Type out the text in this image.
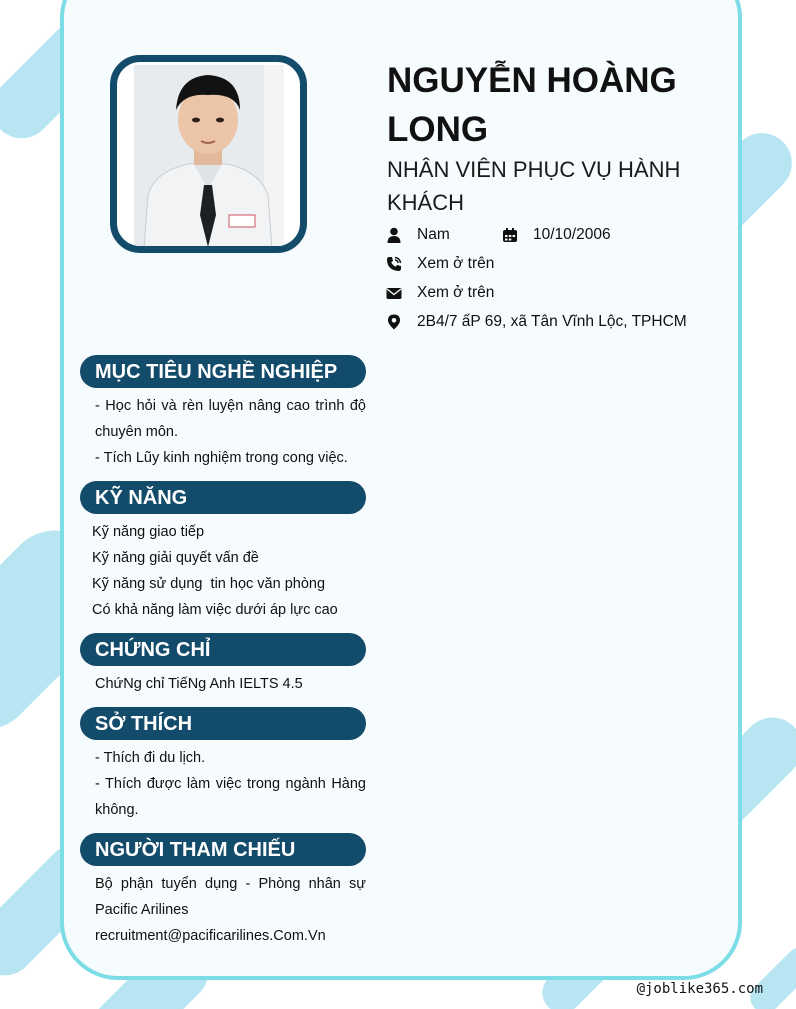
NGUYỄN HOÀNG LONG
NHÂN VIÊN PHỤC VỤ HÀNH KHÁCH
Nam	10/10/2006
Xem ở trên
Xem ở trên
2B4/7 ấP 69, xã Tân Vĩnh Lộc, TPHCM
MỤC TIÊU NGHỀ NGHIỆP
- Học hỏi và rèn luyện nâng cao trình độ chuyên môn.
- Tích Lũy kinh nghiệm trong cong việc.
KỸ NĂNG
Kỹ năng giao tiếp
Kỹ năng giải quyết vấn đề
Kỹ năng sử dụng  tin học văn phòng
Có khả năng làm việc dưới áp lực cao
CHỨNG CHỈ
ChứNg chỉ TiếNg Anh IELTS 4.5
SỞ THÍCH
- Thích đi du lịch.
- Thích được làm việc trong ngành Hàng không.
NGƯỜI THAM CHIẾU
Bộ phận tuyển dụng - Phòng nhân sự Pacific Arilines
recruitment@pacificarilines.Com.Vn
@joblike365.com
